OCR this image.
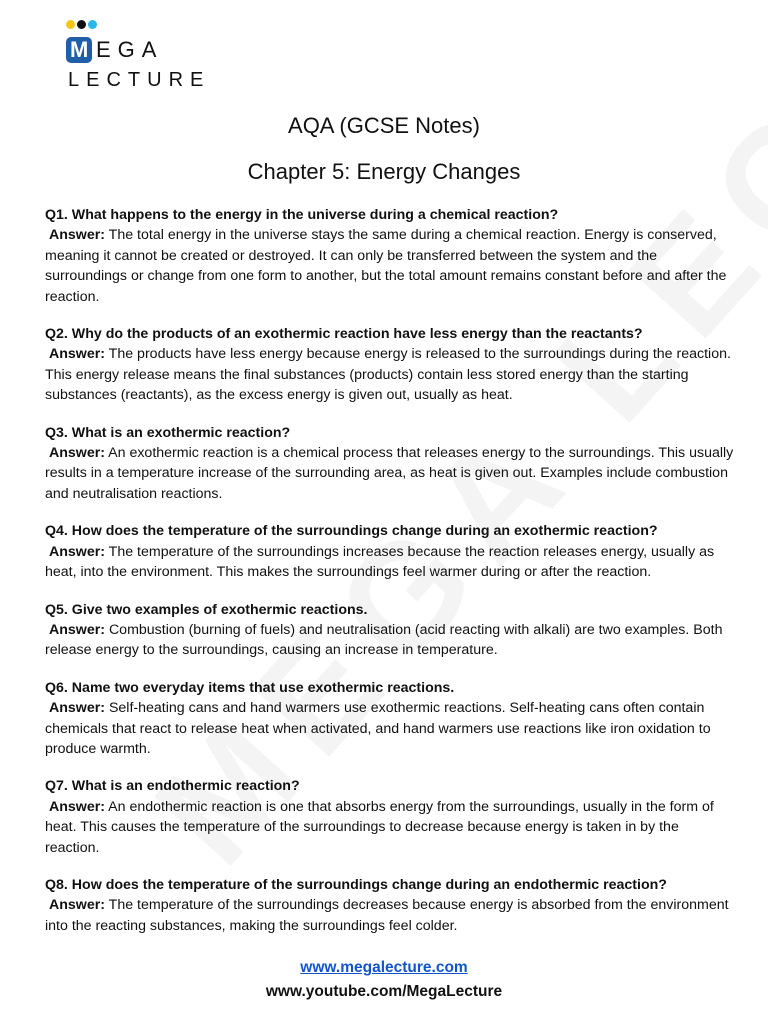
M EGA
LECTURE
AQA (GCSE Notes)
Chapter 5: Energy Changes

Q1. What happens to the energy in the universe during a chemical reaction?

Answer: The total energy in the universe stays the same during a chemical reaction. Energy is conserved, meaning it cannot be created or destroyed. It can only be transferred between the system and the surroundings or change from one form to another, but the total amount remains constant before and after the reaction.

Q2. Why do the products of an exothermic reaction have less energy than the reactants?

Answer: The products have less energy because energy is released to the surroundings during the reaction. This energy release means the final substances (products) contain less stored energy than the starting substances (reactants), as the excess energy is given out, usually as heat.

Q3. What is an exothermic reaction?

Answer: An exothermic reaction is a chemical process that releases energy to the surroundings. This usually results in a temperature increase of the surrounding area, as heat is given out. Examples include combustion and neutralisation reactions.

Q4. How does the temperature of the surroundings change during an exothermic reaction?

Answer: The temperature of the surroundings increases because the reaction releases energy, usually as heat, into the environment. This makes the surroundings feel warmer during or after the reaction.

Q5. Give two examples of exothermic reactions.

Answer: Combustion (burning of fuels) and neutralisation (acid reacting with alkali) are two examples. Both release energy to the surroundings, causing an increase in temperature.

Q6. Name two everyday items that use exothermic reactions.

Answer: Self-heating cans and hand warmers use exothermic reactions. Self-heating cans often contain chemicals that react to release heat when activated, and hand warmers use reactions like iron oxidation to produce warmth.

Q7. What is an endothermic reaction?

Answer: An endothermic reaction is one that absorbs energy from the surroundings, usually in the form of heat. This causes the temperature of the surroundings to decrease because energy is taken in by the reaction.

Q8. How does the temperature of the surroundings change during an endothermic reaction?

Answer: The temperature of the surroundings decreases because energy is absorbed from the environment into the reacting substances, making the surroundings feel colder.

www.megalecture.com
www.youtube.com/MegaLecture
